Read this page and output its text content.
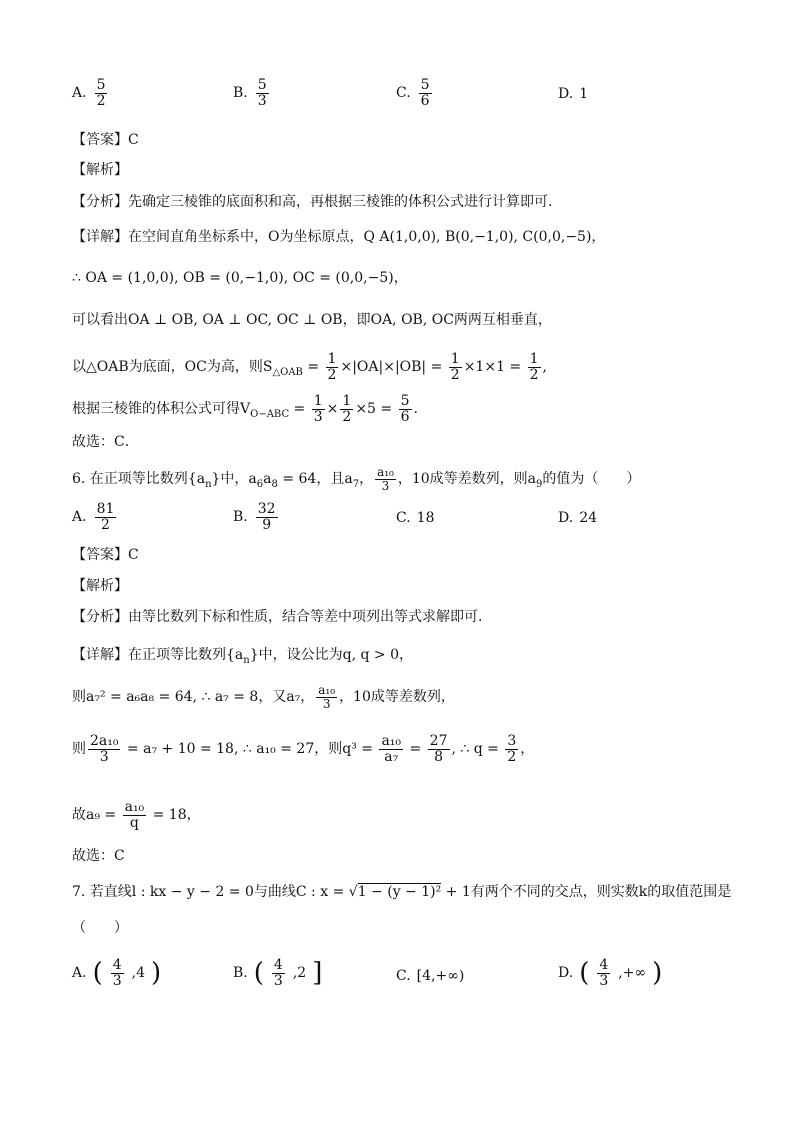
A. $\frac{5}{2}$	B. $\frac{5}{3}$	C. $\frac{5}{6}$	D. 1
【答案】C
【解析】
【分析】先确定三棱锥的底面积和高，再根据三棱锥的体积公式进行计算即可.
【详解】在空间直角坐标系中，O为坐标原点，Q A(1,0,0), B(0,−1,0), C(0,0,−5)，
∴ OA = (1,0,0), OB = (0,−1,0), OC = (0,0,−5)，
可以看出OA ⊥ OB, OA ⊥ OC, OC ⊥ OB，即OA, OB, OC两两互相垂直，
以△OAB为底面，OC为高，则$S_{\triangle OAB} = \frac{1}{2} \times|OA|\times|OB| = \frac{1}{2} \times 1\times 1 = \frac{1}{2}$ ,
根据三棱锥的体积公式可得$V_{O-ABC} = \frac{1}{3} \times \frac{1}{2} \times 5 = \frac{5}{6}$ .
故选：C．
6. 在正项等比数列$\{a_n\}$中，$a_6a_8 = 64$，且$a_7$， $\frac{\text{a₁₀}}{3}$ ，10成等差数列，则$a_9$的值为（　　）
A. $\frac{81}{2}$	B. $\frac{32}{9}$	C. 18	D. 24
【答案】C
【解析】
【分析】由等比数列下标和性质，结合等差中项列出等式求解即可.
【详解】在正项等比数列$\{a_n\}$中，设公比为q, q > 0，
则a₇² = a₆a₈ = 64, ∴ a₇ = 8，又a₇， $\frac{\text{a₁₀}}{3}$ ，10成等差数列，
则 $\frac{\text{2a₁₀}}{3} = a_7 + 10 = 18$, ∴ a₁₀ = 27，则$q^3 = \frac{\text{a₁₀}}{\text{a₇}} = \frac{27}{8}$ , ∴ $q = \frac{3}{2}$ ，
故$a_9 = \frac{\text{a₁₀}}{q} = 18$，
故选：C
7. 若直线l : kx − y − 2 = 0与曲线C : x = √1 − (y − 1)² + 1有两个不同的交点，则实数k的取值范围是
（　　）
A. ( $\frac{4}{3} ,4$ )	B. ( $\frac{4}{3} ,2$ ]	C. [4,+∞)	D. ( $\frac{4}{3}$ ,+∞ )
